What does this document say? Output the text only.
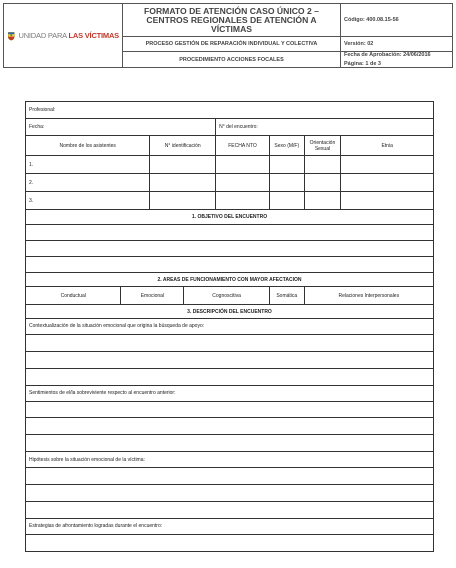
UNIDAD PARA LAS VÍCTIMAS	FORMATO DE ATENCIÓN CASO ÚNICO 2 – CENTROS REGIONALES DE ATENCIÓN A VÍCTIMAS	Código: 400.08.15-56
	PROCESO GESTIÓN DE REPARACIÓN INDIVIDUAL Y COLECTIVA	Versión: 02
	PROCEDIMIENTO ACCIONES FOCALES	Fecha de Aprobación: 24/06/2016
Página: 1 de 3
Profesional:							
Fecha:				N° del encuentro:			
Nombre de los asistentes		N° identificación		FECHA NTO	Sexo (M/F)	Orientación Sexual	Etnia
1.							
2.							
3.							
1. OBJETIVO DEL ENCUENTRO							

2. AREAS DE FUNCIONAMIENTO CON MAYOR AFECTACION							
Conductual	Emocional		Cognoscitiva		Somática	Relaciones Interpersonales	
3. DESCRIPCIÓN DEL ENCUENTRO							
Contextualización de la situación emocional que origina la búsqueda de apoyo:							

Sentimientos de el/la sobreviviente respecto al encuentro anterior:							

Hipótesis sobre la situación emocional de la víctima:							

Estrategias de afrontamiento logradas durante el encuentro:							
